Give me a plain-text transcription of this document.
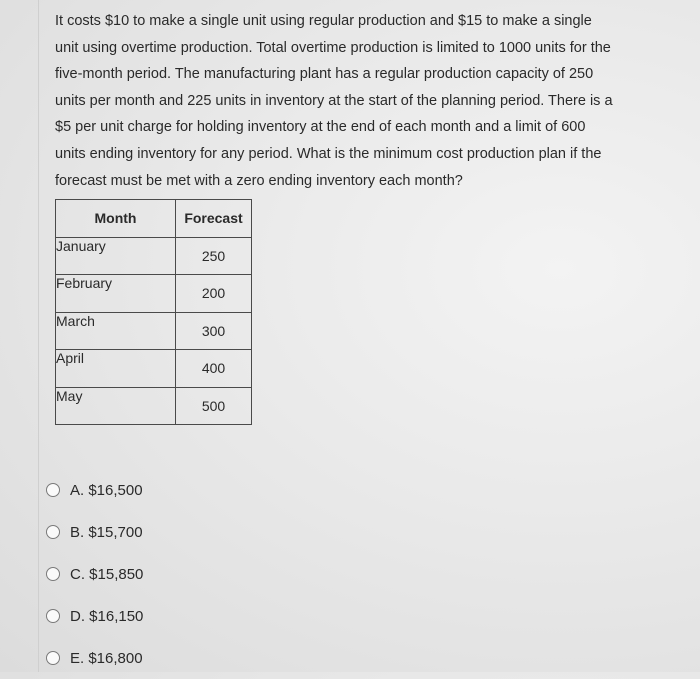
It costs $10 to make a single unit using regular production and $15 to make a single

unit using overtime production. Total overtime production is limited to 1000 units for the

five-month period. The manufacturing plant has a regular production capacity of 250

units per month and 225 units in inventory at the start of the planning period. There is a

$5 per unit charge for holding inventory at the end of each month and a limit of 600

units ending inventory for any period. What is the minimum cost production plan if the

forecast must be met with a zero ending inventory each month?

Month	Forecast
January	250
February	200
March	300
April	400
May	500
A. $16,500
B. $15,700
C. $15,850
D. $16,150
E. $16,800
